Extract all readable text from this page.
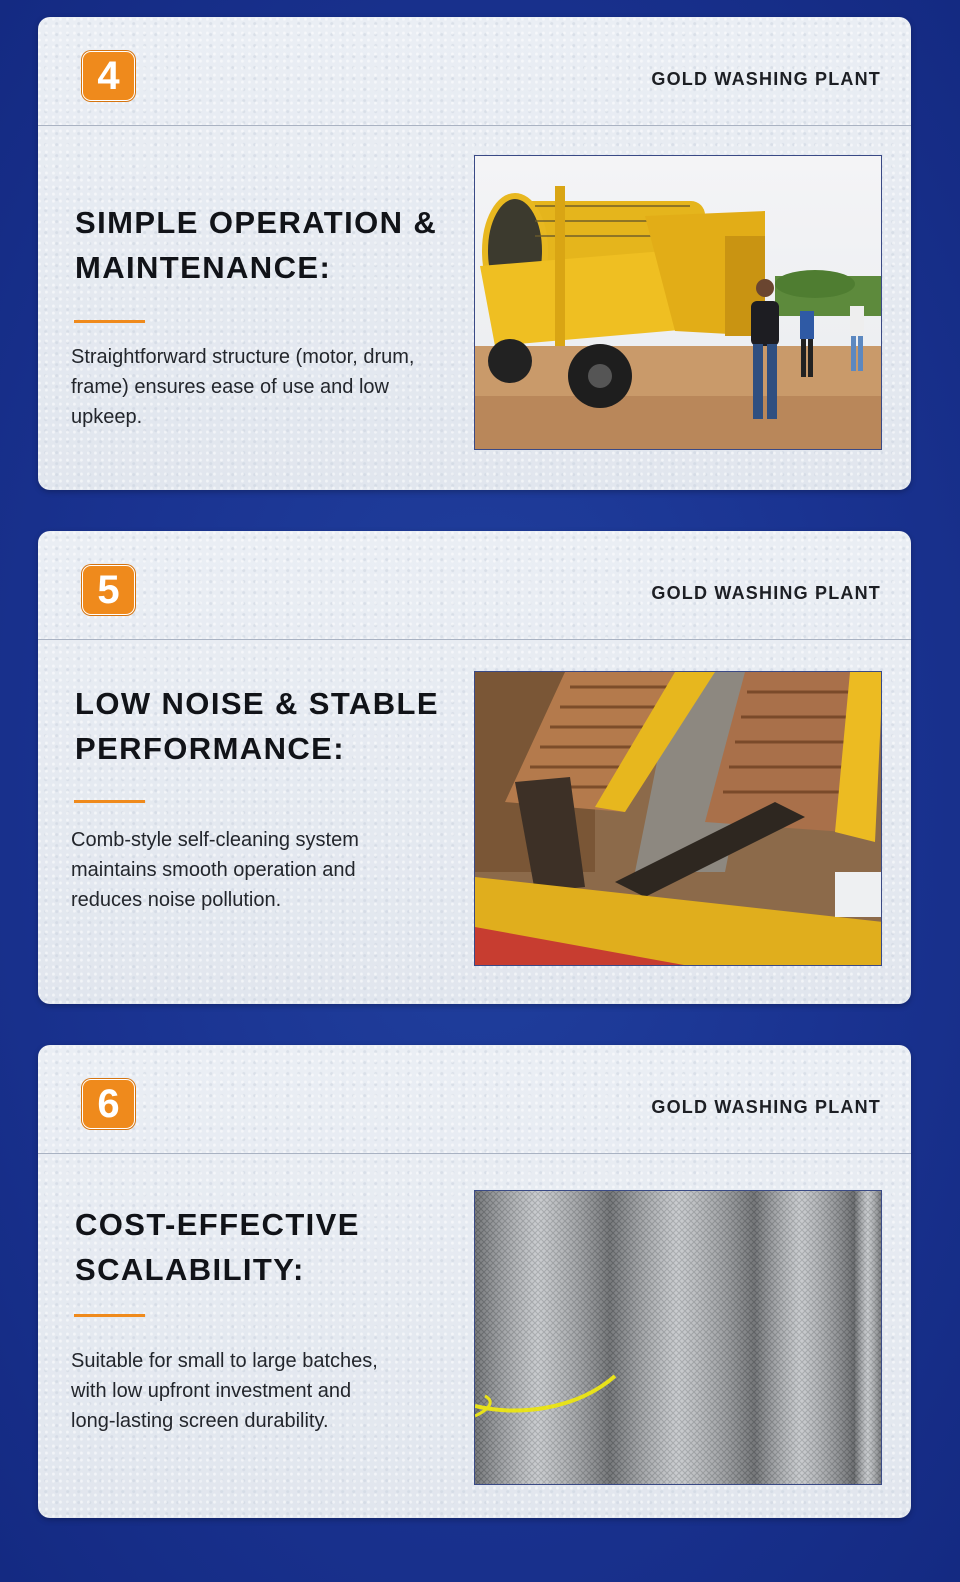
4	GOLD WASHING PLANT
SIMPLE OPERATION &
MAINTENANCE:

Straightforward structure (motor, drum,
frame) ensures ease of use and low
upkeep.

5	GOLD WASHING PLANT
LOW NOISE & STABLE
PERFORMANCE:

Comb-style self-cleaning system
maintains smooth operation and
reduces noise pollution.

6	GOLD WASHING PLANT
COST-EFFECTIVE
SCALABILITY:

Suitable for small to large batches,
with low upfront investment and
long-lasting screen durability.
